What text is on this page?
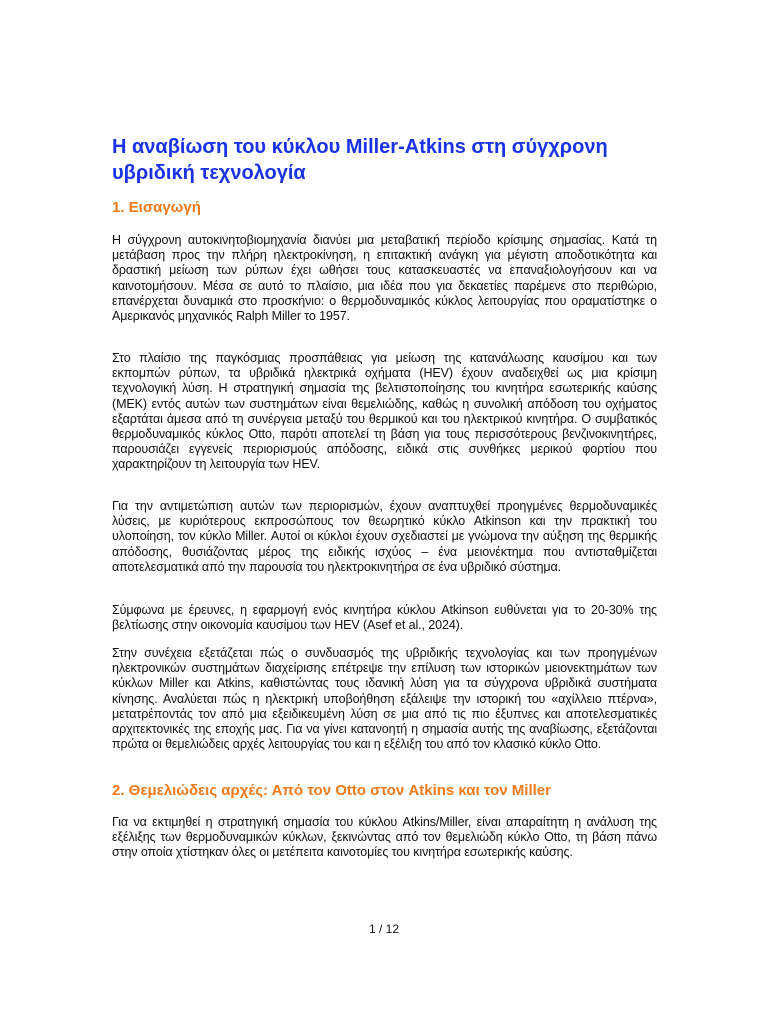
Η αναβίωση του κύκλου Miller-Atkins στη σύγχρονη υβριδική τεχνολογία
1. Εισαγωγή

Η σύγχρονη αυτοκινητοβιομηχανία διανύει μια μεταβατική περίοδο κρίσιμης σημασίας. Κατά τη μετάβαση προς την πλήρη ηλεκτροκίνηση, η επιτακτική ανάγκη για μέγιστη αποδοτικότητα και δραστική μείωση των ρύπων έχει ωθήσει τους κατασκευαστές να επαναξιολογήσουν και να καινοτομήσουν. Μέσα σε αυτό το πλαίσιο, μια ιδέα που για δεκαετίες παρέμενε στο περιθώριο, επανέρχεται δυναμικά στο προσκήνιο: ο θερμοδυναμικός κύκλος λειτουργίας που οραματίστηκε ο Αμερικανός μηχανικός Ralph Miller το 1957.

Στο πλαίσιο της παγκόσμιας προσπάθειας για μείωση της κατανάλωσης καυσίμου και των εκπομπών ρύπων, τα υβριδικά ηλεκτρικά οχήματα (HEV) έχουν αναδειχθεί ως μια κρίσιμη τεχνολογική λύση. Η στρατηγική σημασία της βελτιστοποίησης του κινητήρα εσωτερικής καύσης (ΜΕΚ) εντός αυτών των συστημάτων είναι θεμελιώδης, καθώς η συνολική απόδοση του οχήματος εξαρτάται άμεσα από τη συνέργεια μεταξύ του θερμικού και του ηλεκτρικού κινητήρα. Ο συμβατικός θερμοδυναμικός κύκλος Otto, παρότι αποτελεί τη βάση για τους περισσότερους βενζινοκινητήρες, παρουσιάζει εγγενείς περιορισμούς απόδοσης, ειδικά στις συνθήκες μερικού φορτίου που χαρακτηρίζουν τη λειτουργία των HEV.

Για την αντιμετώπιση αυτών των περιορισμών, έχουν αναπτυχθεί προηγμένες θερμοδυναμικές λύσεις, με κυριότερους εκπροσώπους τον θεωρητικό κύκλο Atkinson και την πρακτική του υλοποίηση, τον κύκλο Miller. Αυτοί οι κύκλοι έχουν σχεδιαστεί με γνώμονα την αύξηση της θερμικής απόδοσης, θυσιάζοντας μέρος της ειδικής ισχύος – ένα μειονέκτημα που αντισταθμίζεται αποτελεσματικά από την παρουσία του ηλεκτροκινητήρα σε ένα υβριδικό σύστημα.

Σύμφωνα με έρευνες, η εφαρμογή ενός κινητήρα κύκλου Atkinson ευθύνεται για το 20-30% της βελτίωσης στην οικονομία καυσίμου των HEV (Asef et al., 2024).

Στην συνέχεια εξετάζεται πώς ο συνδυασμός της υβριδικής τεχνολογίας και των προηγμένων ηλεκτρονικών συστημάτων διαχείρισης επέτρεψε την επίλυση των ιστορικών μειονεκτημάτων των κύκλων Miller και Atkins, καθιστώντας τους ιδανική λύση για τα σύγχρονα υβριδικά συστήματα κίνησης. Αναλύεται πώς η ηλεκτρική υποβοήθηση εξάλειψε την ιστορική του «αχίλλειο πτέρνα», μετατρέποντάς τον από μια εξειδικευμένη λύση σε μια από τις πιο έξυπνες και αποτελεσματικές αρχιτεκτονικές της εποχής μας. Για να γίνει κατανοητή η σημασία αυτής της αναβίωσης, εξετάζονται πρώτα οι θεμελιώδεις αρχές λειτουργίας του και η εξέλιξη του από τον κλασικό κύκλο Otto.

2. Θεμελιώδεις αρχές: Από τον Otto στον Atkins και τον Miller

Για να εκτιμηθεί η στρατηγική σημασία του κύκλου Atkins/Miller, είναι απαραίτητη η ανάλυση της εξέλιξης των θερμοδυναμικών κύκλων, ξεκινώντας από τον θεμελιώδη κύκλο Otto, τη βάση πάνω στην οποία χτίστηκαν όλες οι μετέπειτα καινοτομίες του κινητήρα εσωτερικής καύσης.

1 / 12
